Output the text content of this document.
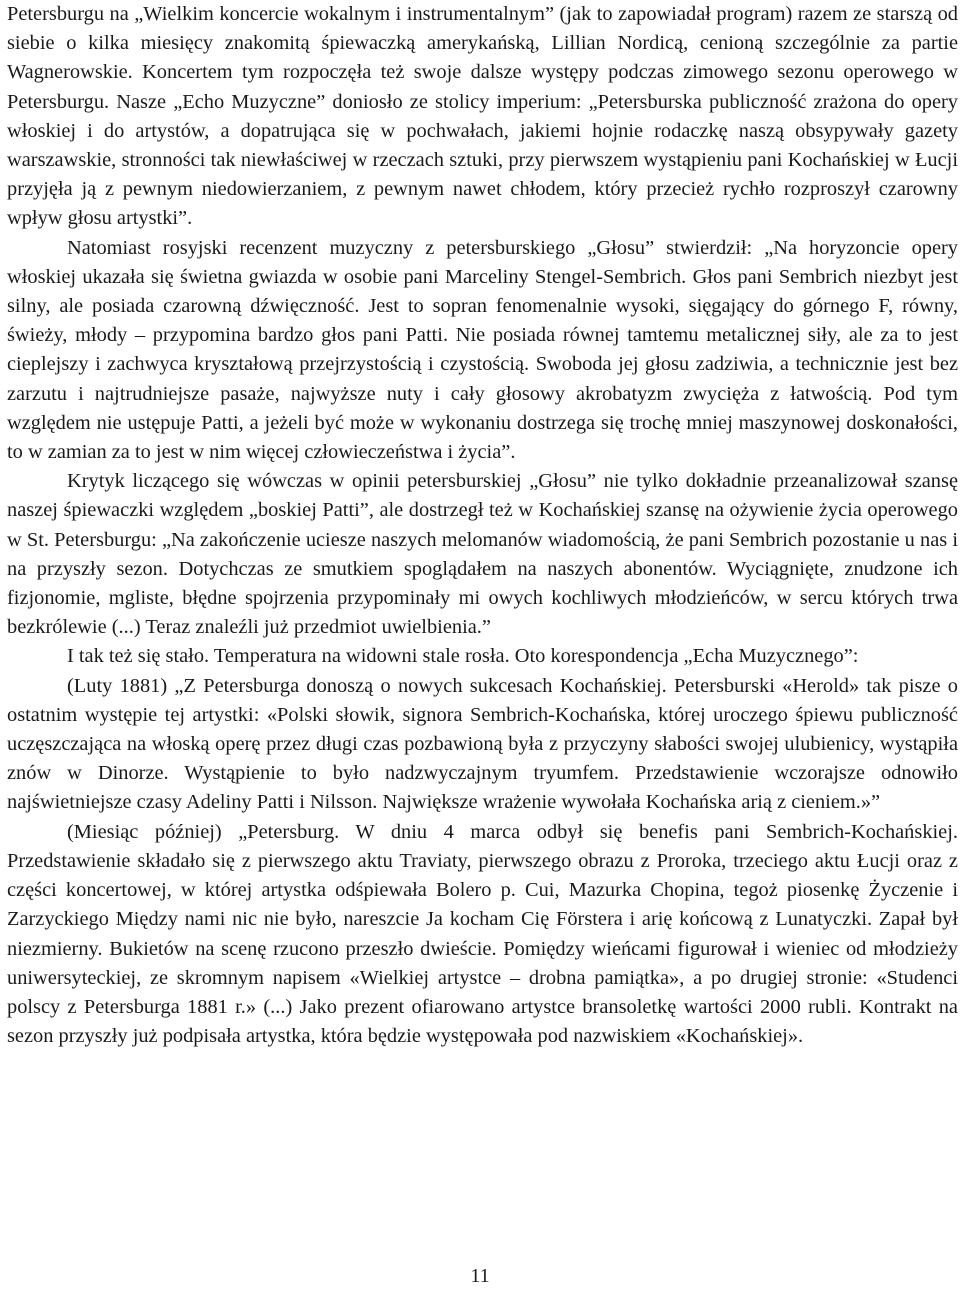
Petersburgu na „Wielkim koncercie wokalnym i instrumentalnym” (jak to zapowiadał program) razem ze starszą od siebie o kilka miesięcy znakomitą śpiewaczką amerykańską, Lillian Nordicą, cenioną szczególnie za partie Wagnerowskie. Koncertem tym rozpoczęła też swoje dalsze występy podczas zimowego sezonu operowego w Petersburgu. Nasze „Echo Muzyczne” doniosło ze stolicy imperium: „Petersburska publiczność zrażona do opery włoskiej i do artystów, a dopatrująca się w pochwałach, jakiemi hojnie rodaczkę naszą obsypywały gazety warszawskie, stronności tak niewłaściwej w rzeczach sztuki, przy pierwszem wystąpieniu pani Kochańskiej w Łucji przyjęła ją z pewnym niedowierzaniem, z pewnym nawet chłodem, który przecież rychło rozproszył czarowny wpływ głosu artystki”.

Natomiast rosyjski recenzent muzyczny z petersburskiego „Głosu” stwierdził: „Na horyzoncie opery włoskiej ukazała się świetna gwiazda w osobie pani Marceliny Stengel-Sembrich. Głos pani Sembrich niezbyt jest silny, ale posiada czarowną dźwięczność. Jest to sopran fenomenalnie wysoki, sięgający do górnego F, równy, świeży, młody – przypomina bardzo głos pani Patti. Nie posiada równej tamtemu metalicznej siły, ale za to jest cieplejszy i zachwyca kryształową przejrzystością i czystością. Swoboda jej głosu zadziwia, a technicznie jest bez zarzutu i najtrudniejsze pasaże, najwyższe nuty i cały głosowy akrobatyzm zwycięża z łatwością. Pod tym względem nie ustępuje Patti, a jeżeli być może w wykonaniu dostrzega się trochę mniej maszynowej doskonałości, to w zamian za to jest w nim więcej człowieczeństwa i życia”.

Krytyk liczącego się wówczas w opinii petersburskiej „Głosu” nie tylko dokładnie przeanalizował szansę naszej śpiewaczki względem „boskiej Patti”, ale dostrzegł też w Kochańskiej szansę na ożywienie życia operowego w St. Petersburgu: „Na zakończenie uciesze naszych melomanów wiadomością, że pani Sembrich pozostanie u nas i na przyszły sezon. Dotychczas ze smutkiem spoglądałem na naszych abonentów. Wyciągnięte, znudzone ich fizjonomie, mgliste, błędne spojrzenia przypominały mi owych kochliwych młodzieńców, w sercu których trwa bezkrólewie (...) Teraz znaleźli już przedmiot uwielbienia.”

I tak też się stało. Temperatura na widowni stale rosła. Oto korespondencja „Echa Muzycznego”:

(Luty 1881) „Z Petersburga donoszą o nowych sukcesach Kochańskiej. Petersburski «Herold» tak pisze o ostatnim występie tej artystki: «Polski słowik, signora Sembrich-Kochańska, której uroczego śpiewu publiczność uczęszczająca na włoską operę przez długi czas pozbawioną była z przyczyny słabości swojej ulubienicy, wystąpiła znów w Dinorze. Wystąpienie to było nadzwyczajnym tryumfem. Przedstawienie wczorajsze odnowiło najświetniejsze czasy Adeliny Patti i Nilsson. Największe wrażenie wywołała Kochańska arią z cieniem.»”

(Miesiąc później) „Petersburg. W dniu 4 marca odbył się benefis pani Sembrich-Kochańskiej. Przedstawienie składało się z pierwszego aktu Traviaty, pierwszego obrazu z Proroka, trzeciego aktu Łucji oraz z części koncertowej, w której artystka odśpiewała Bolero p. Cui, Mazurka Chopina, tegoż piosenkę Życzenie i Zarzyckiego Między nami nic nie było, nareszcie Ja kocham Cię Förstera i arię końcową z Lunatyczki. Zapał był niezmierny. Bukietów na scenę rzucono przeszło dwieście. Pomiędzy wieńcami figurował i wieniec od młodzieży uniwersyteckiej, ze skromnym napisem «Wielkiej artystce – drobna pamiątka», a po drugiej stronie: «Studenci polscy z Petersburga 1881 r.» (...) Jako prezent ofiarowano artystce bransoletkę wartości 2000 rubli. Kontrakt na sezon przyszły już podpisała artystka, która będzie występowała pod nazwiskiem «Kochańskiej».

11
